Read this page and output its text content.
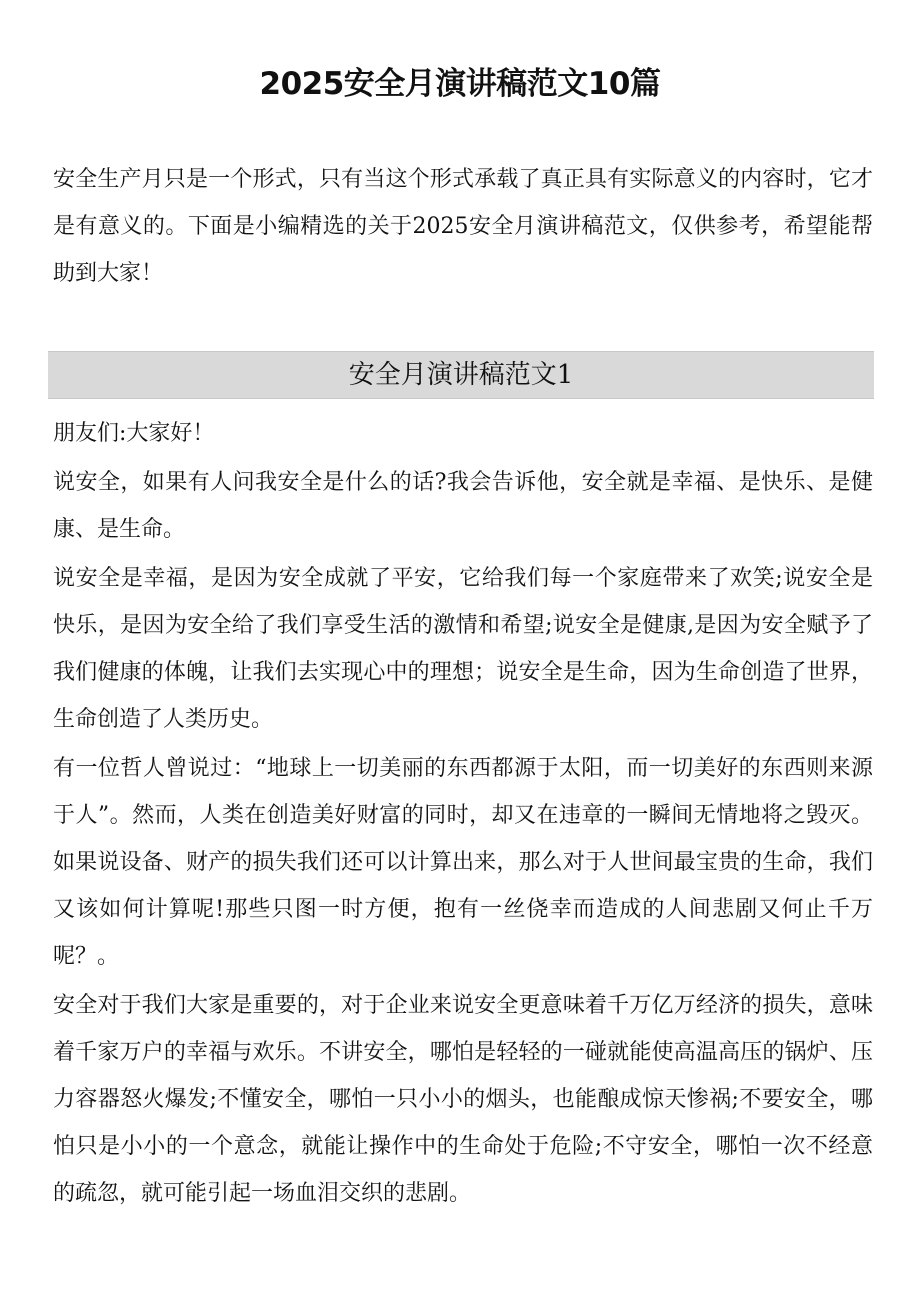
2025安全月演讲稿范文10篇

安全生产月只是一个形式，只有当这个形式承载了真正具有实际意义的内容时，它才是有意义的。下面是小编精选的关于2025安全月演讲稿范文，仅供参考，希望能帮助到大家！

安全月演讲稿范文1

朋友们:大家好！

说安全，如果有人问我安全是什么的话?我会告诉他，安全就是幸福、是快乐、是健康、是生命。

说安全是幸福，是因为安全成就了平安，它给我们每一个家庭带来了欢笑;说安全是快乐，是因为安全给了我们享受生活的激情和希望;说安全是健康,是因为安全赋予了我们健康的体魄，让我们去实现心中的理想；说安全是生命，因为生命创造了世界，生命创造了人类历史。

有一位哲人曾说过：“地球上一切美丽的东西都源于太阳，而一切美好的东西则来源于人”。然而，人类在创造美好财富的同时，却又在违章的一瞬间无情地将之毁灭。如果说设备、财产的损失我们还可以计算出来，那么对于人世间最宝贵的生命，我们又该如何计算呢!那些只图一时方便，抱有一丝侥幸而造成的人间悲剧又何止千万呢？。

安全对于我们大家是重要的，对于企业来说安全更意味着千万亿万经济的损失，意味着千家万户的幸福与欢乐。不讲安全，哪怕是轻轻的一碰就能使高温高压的锅炉、压力容器怒火爆发;不懂安全，哪怕一只小小的烟头，也能酿成惊天惨祸;不要安全，哪怕只是小小的一个意念，就能让操作中的生命处于危险;不守安全，哪怕一次不经意的疏忽，就可能引起一场血泪交织的悲剧。
